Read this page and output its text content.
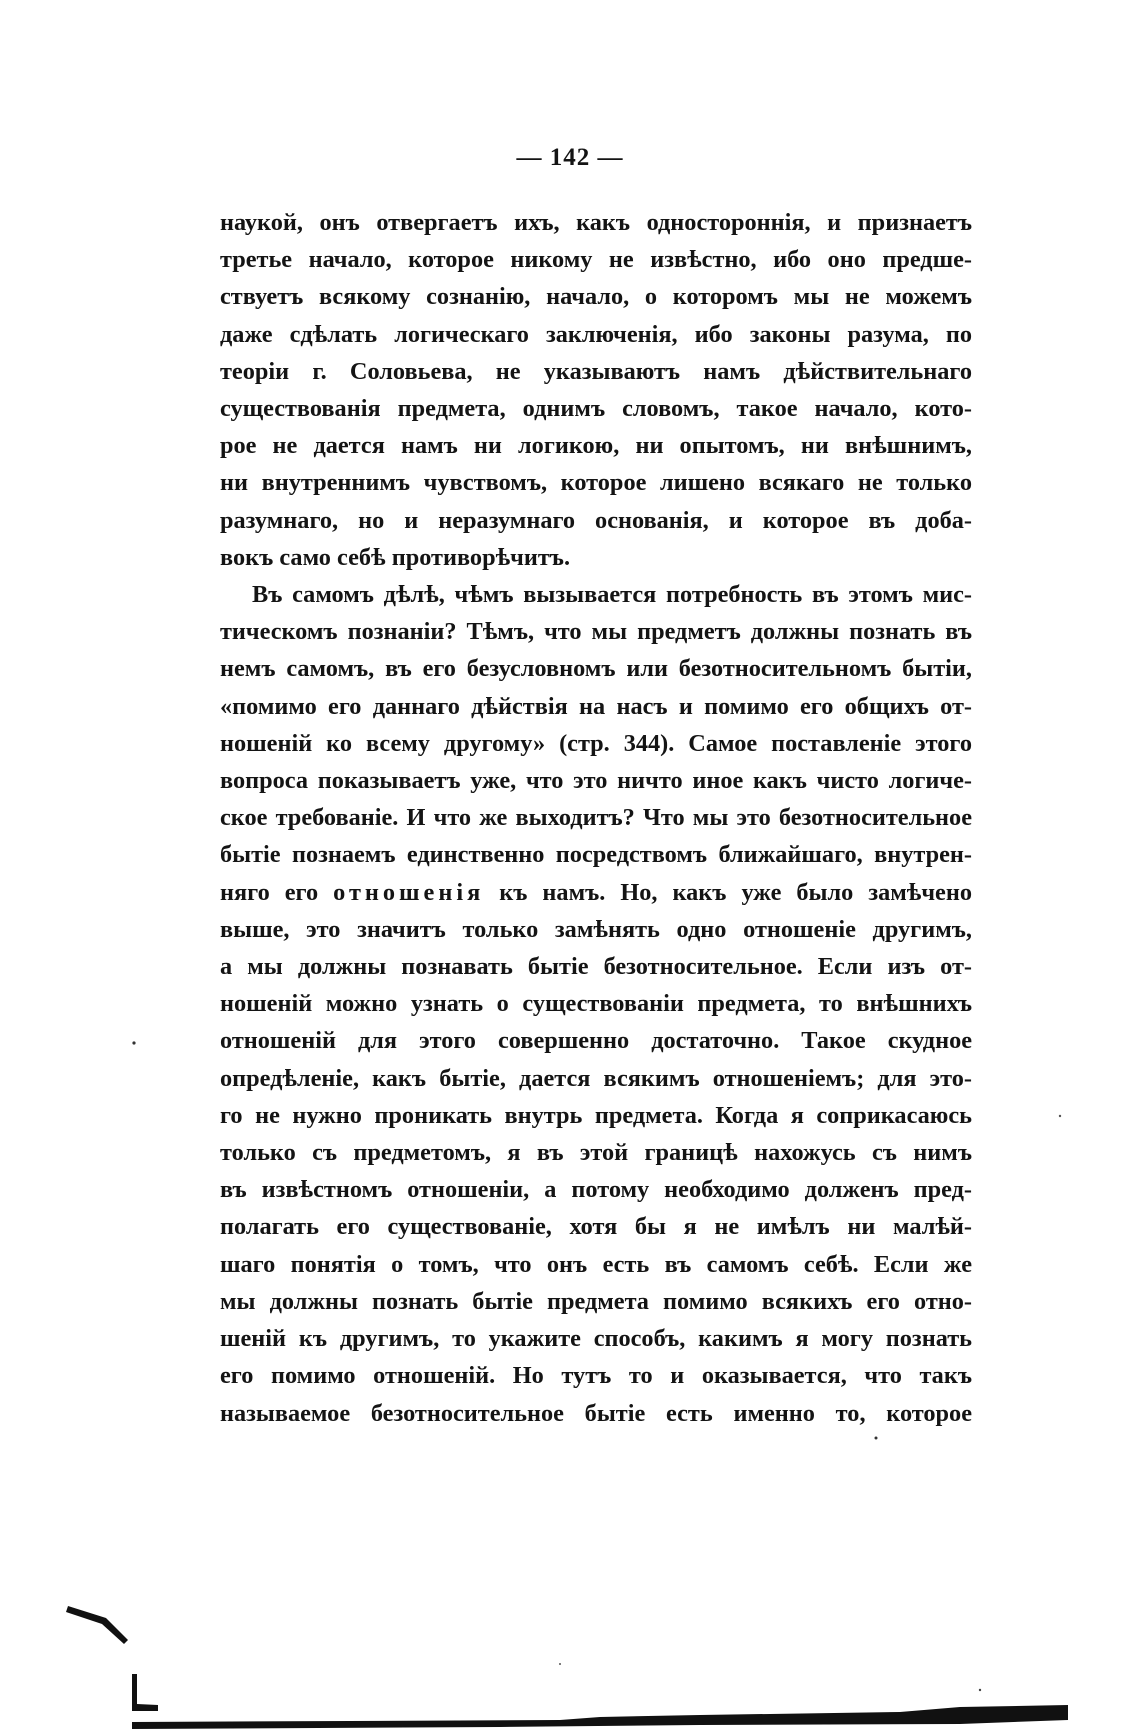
— 142 —

наукой, онъ отвергаетъ ихъ, какъ одностороннія, и признаетъ
третье начало, которое никому не извѣстно, ибо оно предше-
ствуетъ всякому сознанію, начало, о которомъ мы не можемъ
даже сдѣлать логическаго заключенія, ибо законы разума, по
теоріи г. Соловьева, не указываютъ намъ дѣйствительнаго
существованія предмета, однимъ словомъ, такое начало, кото-
рое не дается намъ ни логикою, ни опытомъ, ни внѣшнимъ,
ни внутреннимъ чувствомъ, которое лишено всякаго не только
разумнаго, но и неразумнаго основанія, и которое въ доба-
вокъ само себѣ противорѣчитъ.

Въ самомъ дѣлѣ, чѣмъ вызывается потребность въ этомъ мис-
тическомъ познаніи? Тѣмъ, что мы предметъ должны познать въ
немъ самомъ, въ его безусловномъ или безотносительномъ бытіи,
«помимо его даннаго дѣйствія на насъ и помимо его общихъ от-
ношеній ко всему другому» (стр. 344). Самое поставленіе этого
вопроса показываетъ уже, что это ничто иное какъ чисто логиче-
ское требованіе. И что же выходитъ? Что мы это безотносительное
бытіе познаемъ единственно посредствомъ ближайшаго, внутрен-
няго его отношенія къ намъ. Но, какъ уже было замѣчено
выше, это значитъ только замѣнять одно отношеніе другимъ,
а мы должны познавать бытіе безотносительное. Если изъ от-
ношеній можно узнать о существованіи предмета, то внѣшнихъ
отношеній для этого совершенно достаточно. Такое скудное
опредѣленіе, какъ бытіе, дается всякимъ отношеніемъ; для это-
го не нужно проникать внутрь предмета. Когда я соприкасаюсь
только съ предметомъ, я въ этой границѣ нахожусь съ нимъ
въ извѣстномъ отношеніи, а потому необходимо долженъ пред-
полагать его существованіе, хотя бы я не имѣлъ ни малѣй-
шаго понятія о томъ, что онъ есть въ самомъ себѣ. Если же
мы должны познать бытіе предмета помимо всякихъ его отно-
шеній къ другимъ, то укажите способъ, какимъ я могу познать
его помимо отношеній. Но тутъ то и оказывается, что такъ
называемое безотносительное бытіе есть именно то, которое
